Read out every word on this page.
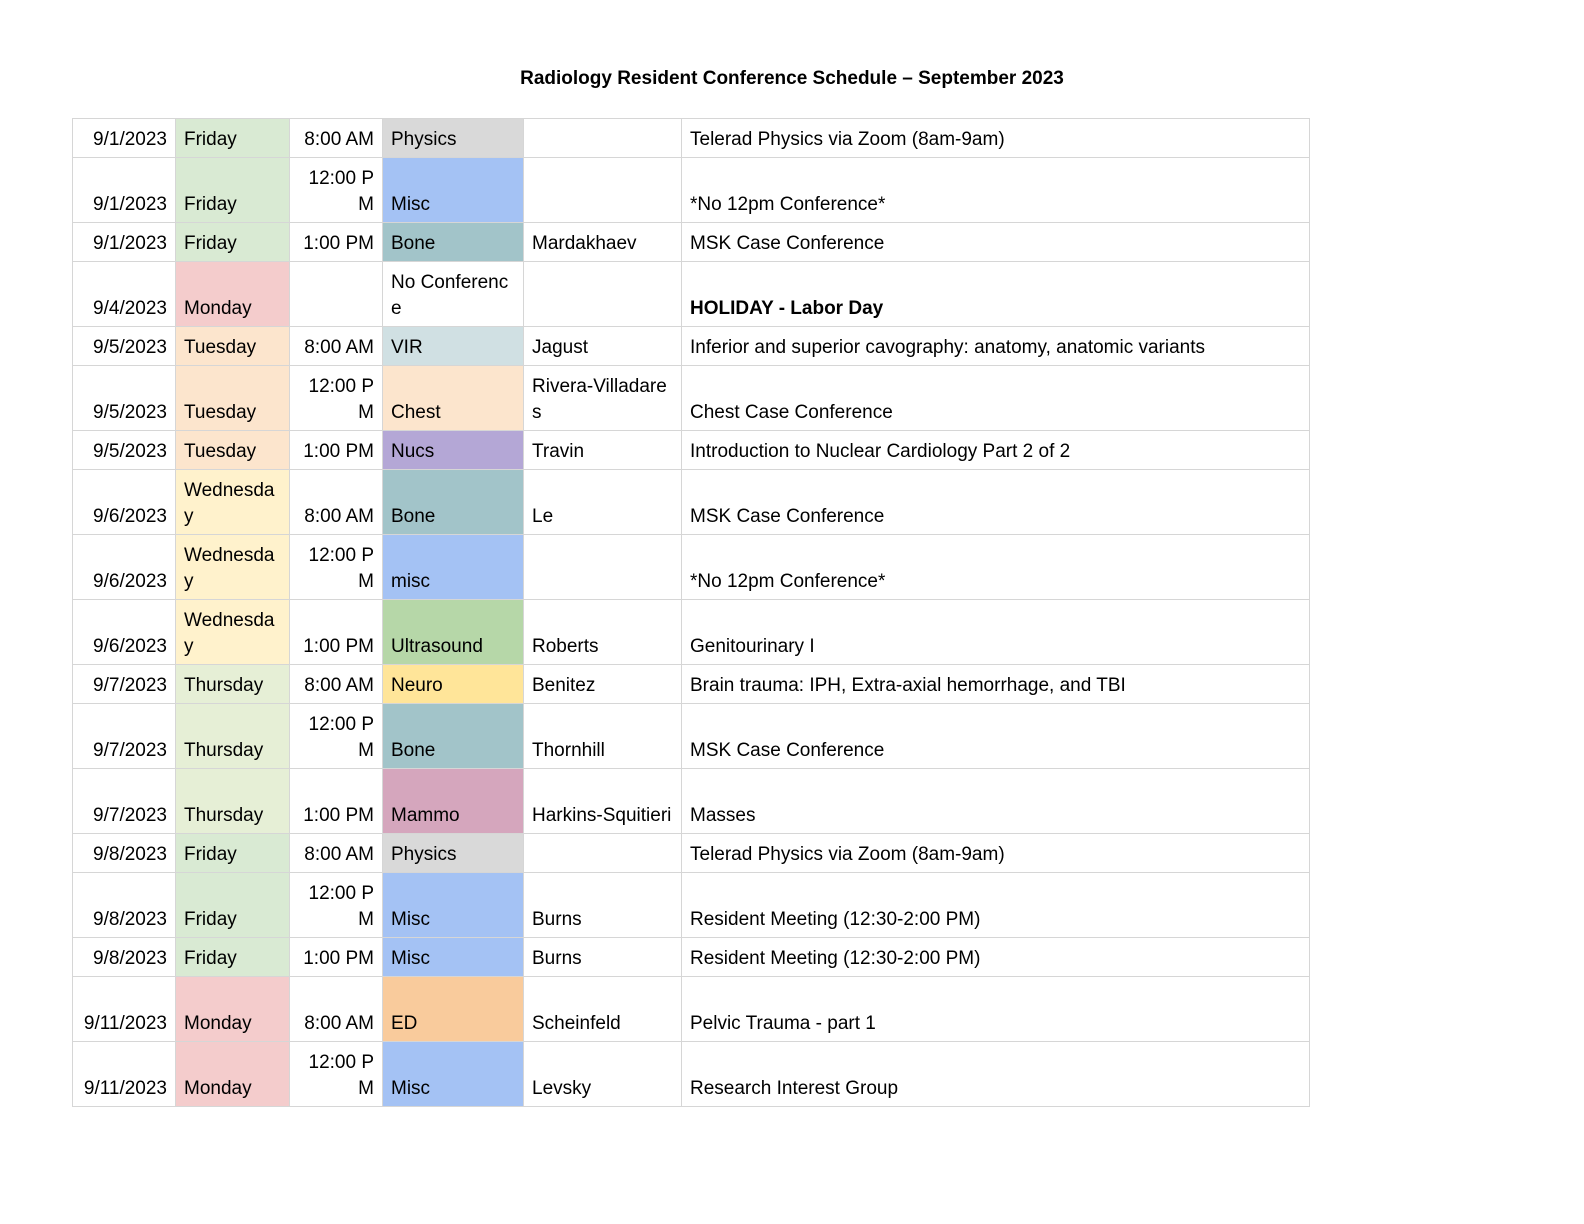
Radiology Resident Conference Schedule – September 2023
9/1/2023	Friday	8:00 AM	Physics		Telerad Physics via Zoom (8am-9am)
9/1/2023	Friday	12:00 PM	Misc		*No 12pm Conference*
9/1/2023	Friday	1:00 PM	Bone	Mardakhaev	MSK Case Conference
9/4/2023	Monday		No Conference		HOLIDAY - Labor Day
9/5/2023	Tuesday	8:00 AM	VIR	Jagust	Inferior and superior cavography: anatomy, anatomic variants
9/5/2023	Tuesday	12:00 PM	Chest	Rivera-Villadares	Chest Case Conference
9/5/2023	Tuesday	1:00 PM	Nucs	Travin	Introduction to Nuclear Cardiology Part 2 of 2
9/6/2023	Wednesday	8:00 AM	Bone	Le	MSK Case Conference
9/6/2023	Wednesday	12:00 PM	misc		*No 12pm Conference*
9/6/2023	Wednesday	1:00 PM	Ultrasound	Roberts	Genitourinary I
9/7/2023	Thursday	8:00 AM	Neuro	Benitez	Brain trauma: IPH, Extra-axial hemorrhage, and TBI
9/7/2023	Thursday	12:00 PM	Bone	Thornhill	MSK Case Conference
9/7/2023	Thursday	1:00 PM	Mammo	Harkins-Squitieri	Masses
9/8/2023	Friday	8:00 AM	Physics		Telerad Physics via Zoom (8am-9am)
9/8/2023	Friday	12:00 PM	Misc	Burns	Resident Meeting (12:30-2:00 PM)
9/8/2023	Friday	1:00 PM	Misc	Burns	Resident Meeting (12:30-2:00 PM)
9/11/2023	Monday	8:00 AM	ED	Scheinfeld	Pelvic Trauma - part 1
9/11/2023	Monday	12:00 PM	Misc	Levsky	Research Interest Group
